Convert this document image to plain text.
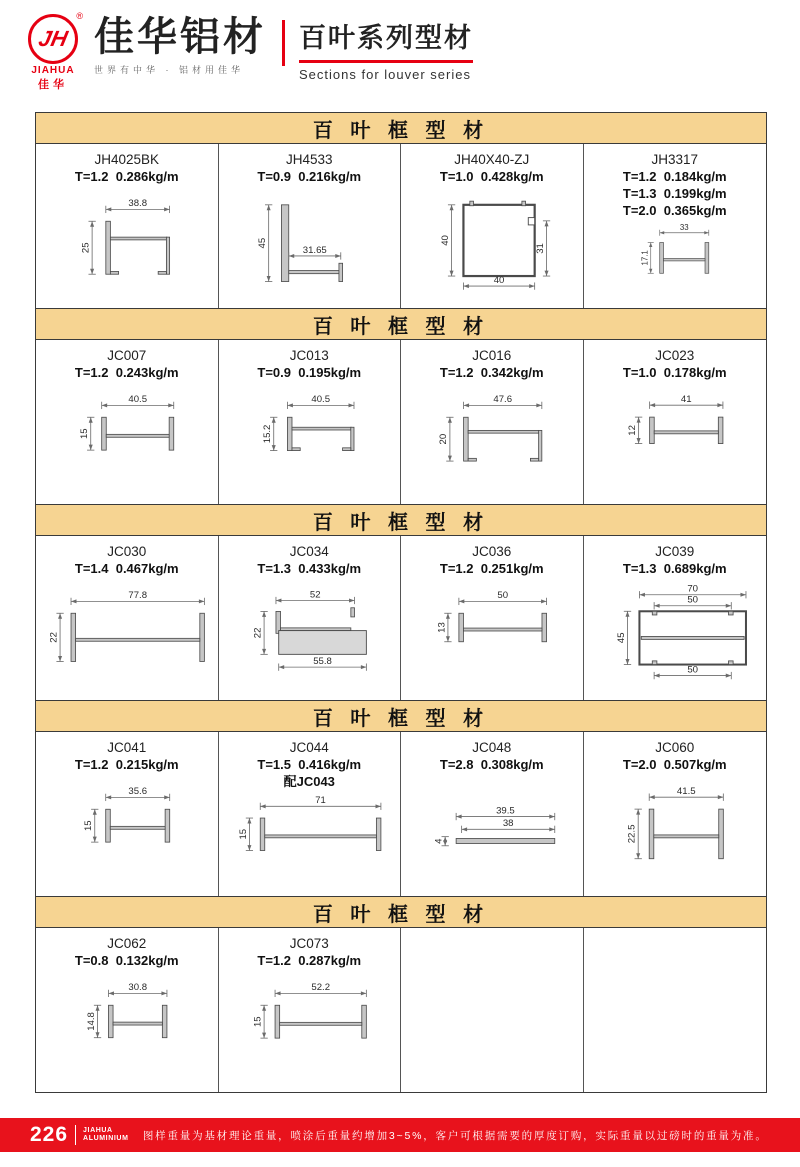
JH
®
JIAHUA
佳华
佳华铝材
世界有中华 · 铝材用佳华
百叶系列型材
Sections for louver series
百 叶 框 型 材
JH4025BK
T=1.2  0.286kg/m
38.8
25
JH4533
T=0.9  0.216kg/m
45
31.65
JH40X40-ZJ
T=1.0  0.428kg/m
40
31
40
JH3317
T=1.2  0.184kg/m
T=1.3  0.199kg/m
T=2.0  0.365kg/m
33
17.1
百 叶 框 型 材
JC007
T=1.2  0.243kg/m
40.5
15
JC013
T=0.9  0.195kg/m
40.5
15.2
JC016
T=1.2  0.342kg/m
47.6
20
JC023
T=1.0  0.178kg/m
41
12
百 叶 框 型 材
JC030
T=1.4  0.467kg/m
77.8
22
JC034
T=1.3  0.433kg/m
52
22
55.8
JC036
T=1.2  0.251kg/m
50
13
JC039
T=1.3  0.689kg/m
70
50
45
50
百 叶 框 型 材
JC041
T=1.2  0.215kg/m
35.6
15
JC044
T=1.5  0.416kg/m
配JC043
71
15
JC048
T=2.8  0.308kg/m
39.5
38
4
JC060
T=2.0  0.507kg/m
41.5
22.5
百 叶 框 型 材
JC062
T=0.8  0.132kg/m
30.8
14.8
JC073
T=1.2  0.287kg/m
52.2
15
226 JIAHUA
ALUMINIUM	图样重量为基材理论重量，喷涂后重量约增加3~5%，客户可根据需要的厚度订购，实际重量以过磅时的重量为准。
